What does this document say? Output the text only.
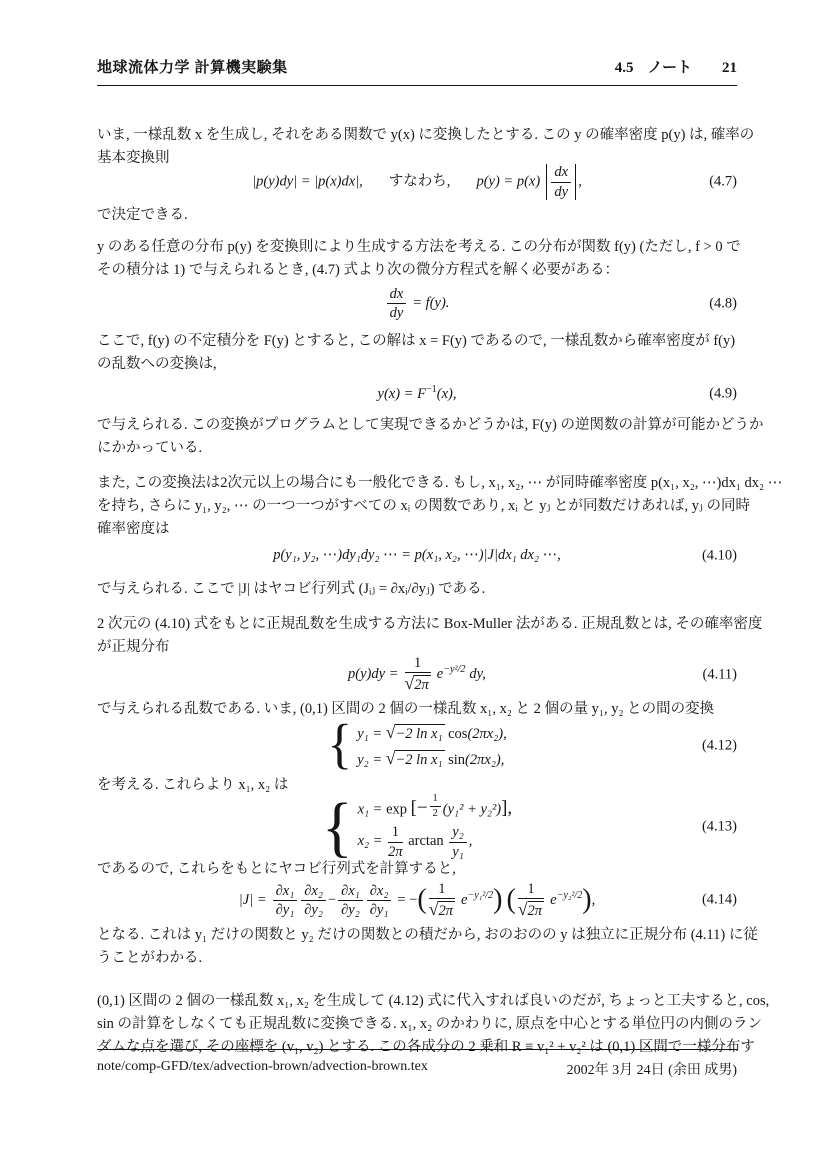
地球流体力学 計算機実験集	4.5 ノート 21
いま, 一様乱数 x を生成し, それをある関数で y(x) に変換したとする. この y の確率密度 p(y) は, 確率の
基本変換則
|p(y)dy| = |p(x)dx|, すなわち, $p(y) = p(x) \frac{dx}{dy}$ ,	(4.7)
で決定できる.
y のある任意の分布 p(y) を変換則により生成する方法を考える. この分布が関数 f(y) (ただし, f > 0 で
その積分は 1) で与えられるとき, (4.7) 式より次の微分方程式を解く必要がある：
$\frac{dx}{dy} = f(y)$.	(4.8)
ここで, f(y) の不定積分を F(y) とすると, この解は x = F(y) であるので, 一様乱数から確率密度が f(y)
の乱数への変換は,
$y(x) = F^{-1}(x)$,	(4.9)
で与えられる. この変換がプログラムとして実現できるかどうかは, F(y) の逆関数の計算が可能かどうか
にかかっている.
また, この変換法は2次元以上の場合にも一般化できる. もし, x₁, x₂, ⋯ が同時確率密度 p(x₁, x₂, ⋯)dx₁ dx₂ ⋯
を持ち, さらに y₁, y₂, ⋯ の一つ一つがすべての xᵢ の関数であり, xᵢ と yⱼ とが同数だけあれば, yⱼ の同時
確率密度は
p(y₁, y₂, ⋯)dy₁dy₂ ⋯ = p(x₁, x₂, ⋯)|J|dx₁ dx₂ ⋯,	(4.10)
で与えられる. ここで |J| はヤコビ行列式 (Jᵢⱼ = ∂xᵢ/∂yⱼ) である.
2 次元の (4.10) 式をもとに正規乱数を生成する方法に Box-Muller 法がある. 正規乱数とは, その確率密度
が正規分布
$p(y)dy = \frac{1}{√2\pi} e^{-y^2/2}$ dy,	(4.11)
で与えられる乱数である. いま, (0,1) 区間の 2 個の一様乱数 x₁, x₂ と 2 個の量 y₁, y₂ との間の変換
{ y₁ = √−2 ln x₁ cos(2πx₂),
y₂ = √−2 ln x₁ sin(2πx₂),
(4.12)
を考える. これらより x₁, x₂ は
{ x₁ = exp [− $\frac{1}{2} (y_1^2 + y_2^2)$],
$x_2 = \frac{1}{2\pi}$ $\arctan \frac{\text{y₂}}{\text{y₁}}$ ,
(4.13)
であるので, これらをもとにヤコビ行列式を計算すると,
$|J| = \frac{\text{∂x₁}}{\text{∂y₁}} \frac{\text{∂x₂}}{\text{∂y₂}} - \frac{\text{∂x₁}}{\text{∂y₂}} \frac{\text{∂x₂}}{\text{∂y₁}}$ = −( $\frac{1}{√2\pi} e^{-y_1^2/2}$) ( $\frac{1}{√2\pi} e^{-y_2^2/2}$),	(4.14)
となる. これは y₁ だけの関数と y₂ だけの関数との積だから, おのおのの y は独立に正規分布 (4.11) に従
うことがわかる.
(0,1) 区間の 2 個の一様乱数 x₁, x₂ を生成して (4.12) 式に代入すれば良いのだが, ちょっと工夫すると, cos,
sin の計算をしなくても正規乱数に変換できる. x₁, x₂ のかわりに, 原点を中心とする単位円の内側のラン
ダムな点を選び, その座標を (v₁, v₂) とする. この各成分の 2 乗和 R ≡ v₁² + v₂² は (0,1) 区間で一様分布す
note/comp-GFD/tex/advection-brown/advection-brown.tex	2002年 3月 24日 (余田 成男)
